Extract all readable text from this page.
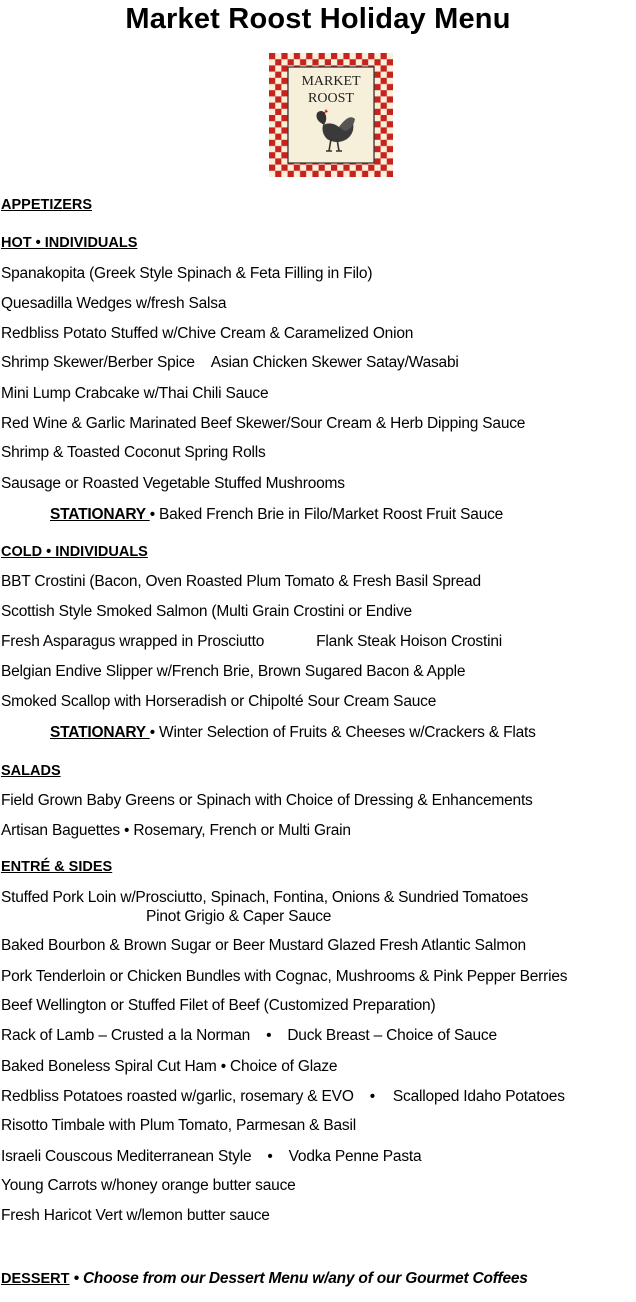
Market Roost Holiday Menu
MARKET
ROOST
APPETIZERS
HOT • INDIVIDUALS
Spanakopita (Greek Style Spinach & Feta Filling in Filo)
Quesadilla Wedges w/fresh Salsa
Redbliss Potato Stuffed w/Chive Cream & Caramelized Onion
Shrimp Skewer/Berber Spice Asian Chicken Skewer Satay/Wasabi
Mini Lump Crabcake w/Thai Chili Sauce
Red Wine & Garlic Marinated Beef Skewer/Sour Cream & Herb Dipping Sauce
Shrimp & Toasted Coconut Spring Rolls
Sausage or Roasted Vegetable Stuffed Mushrooms
STATIONARY • Baked French Brie in Filo/Market Roost Fruit Sauce
COLD • INDIVIDUALS
BBT Crostini (Bacon, Oven Roasted Plum Tomato & Fresh Basil Spread
Scottish Style Smoked Salmon (Multi Grain Crostini or Endive
Fresh Asparagus wrapped in Prosciutto	Flank Steak Hoison Crostini
Belgian Endive Slipper w/French Brie, Brown Sugared Bacon & Apple
Smoked Scallop with Horseradish or Chipolté Sour Cream Sauce
STATIONARY • Winter Selection of Fruits & Cheeses w/Crackers & Flats
SALADS
Field Grown Baby Greens or Spinach with Choice of Dressing & Enhancements
Artisan Baguettes • Rosemary, French or Multi Grain
ENTRÉ & SIDES
Stuffed Pork Loin w/Prosciutto, Spinach, Fontina, Onions & Sundried Tomatoes
Pinot Grigio & Caper Sauce
Baked Bourbon & Brown Sugar or Beer Mustard Glazed Fresh Atlantic Salmon
Pork Tenderloin or Chicken Bundles with Cognac, Mushrooms & Pink Pepper Berries
Beef Wellington or Stuffed Filet of Beef (Customized Preparation)
Rack of Lamb – Crusted a la Norman • Duck Breast – Choice of Sauce
Baked Boneless Spiral Cut Ham • Choice of Glaze
Redbliss Potatoes roasted w/garlic, rosemary & EVO • Scalloped Idaho Potatoes
Risotto Timbale with Plum Tomato, Parmesan & Basil
Israeli Couscous Mediterranean Style • Vodka Penne Pasta
Young Carrots w/honey orange butter sauce
Fresh Haricot Vert w/lemon butter sauce
DESSERT • Choose from our Dessert Menu w/any of our Gourmet Coffees
